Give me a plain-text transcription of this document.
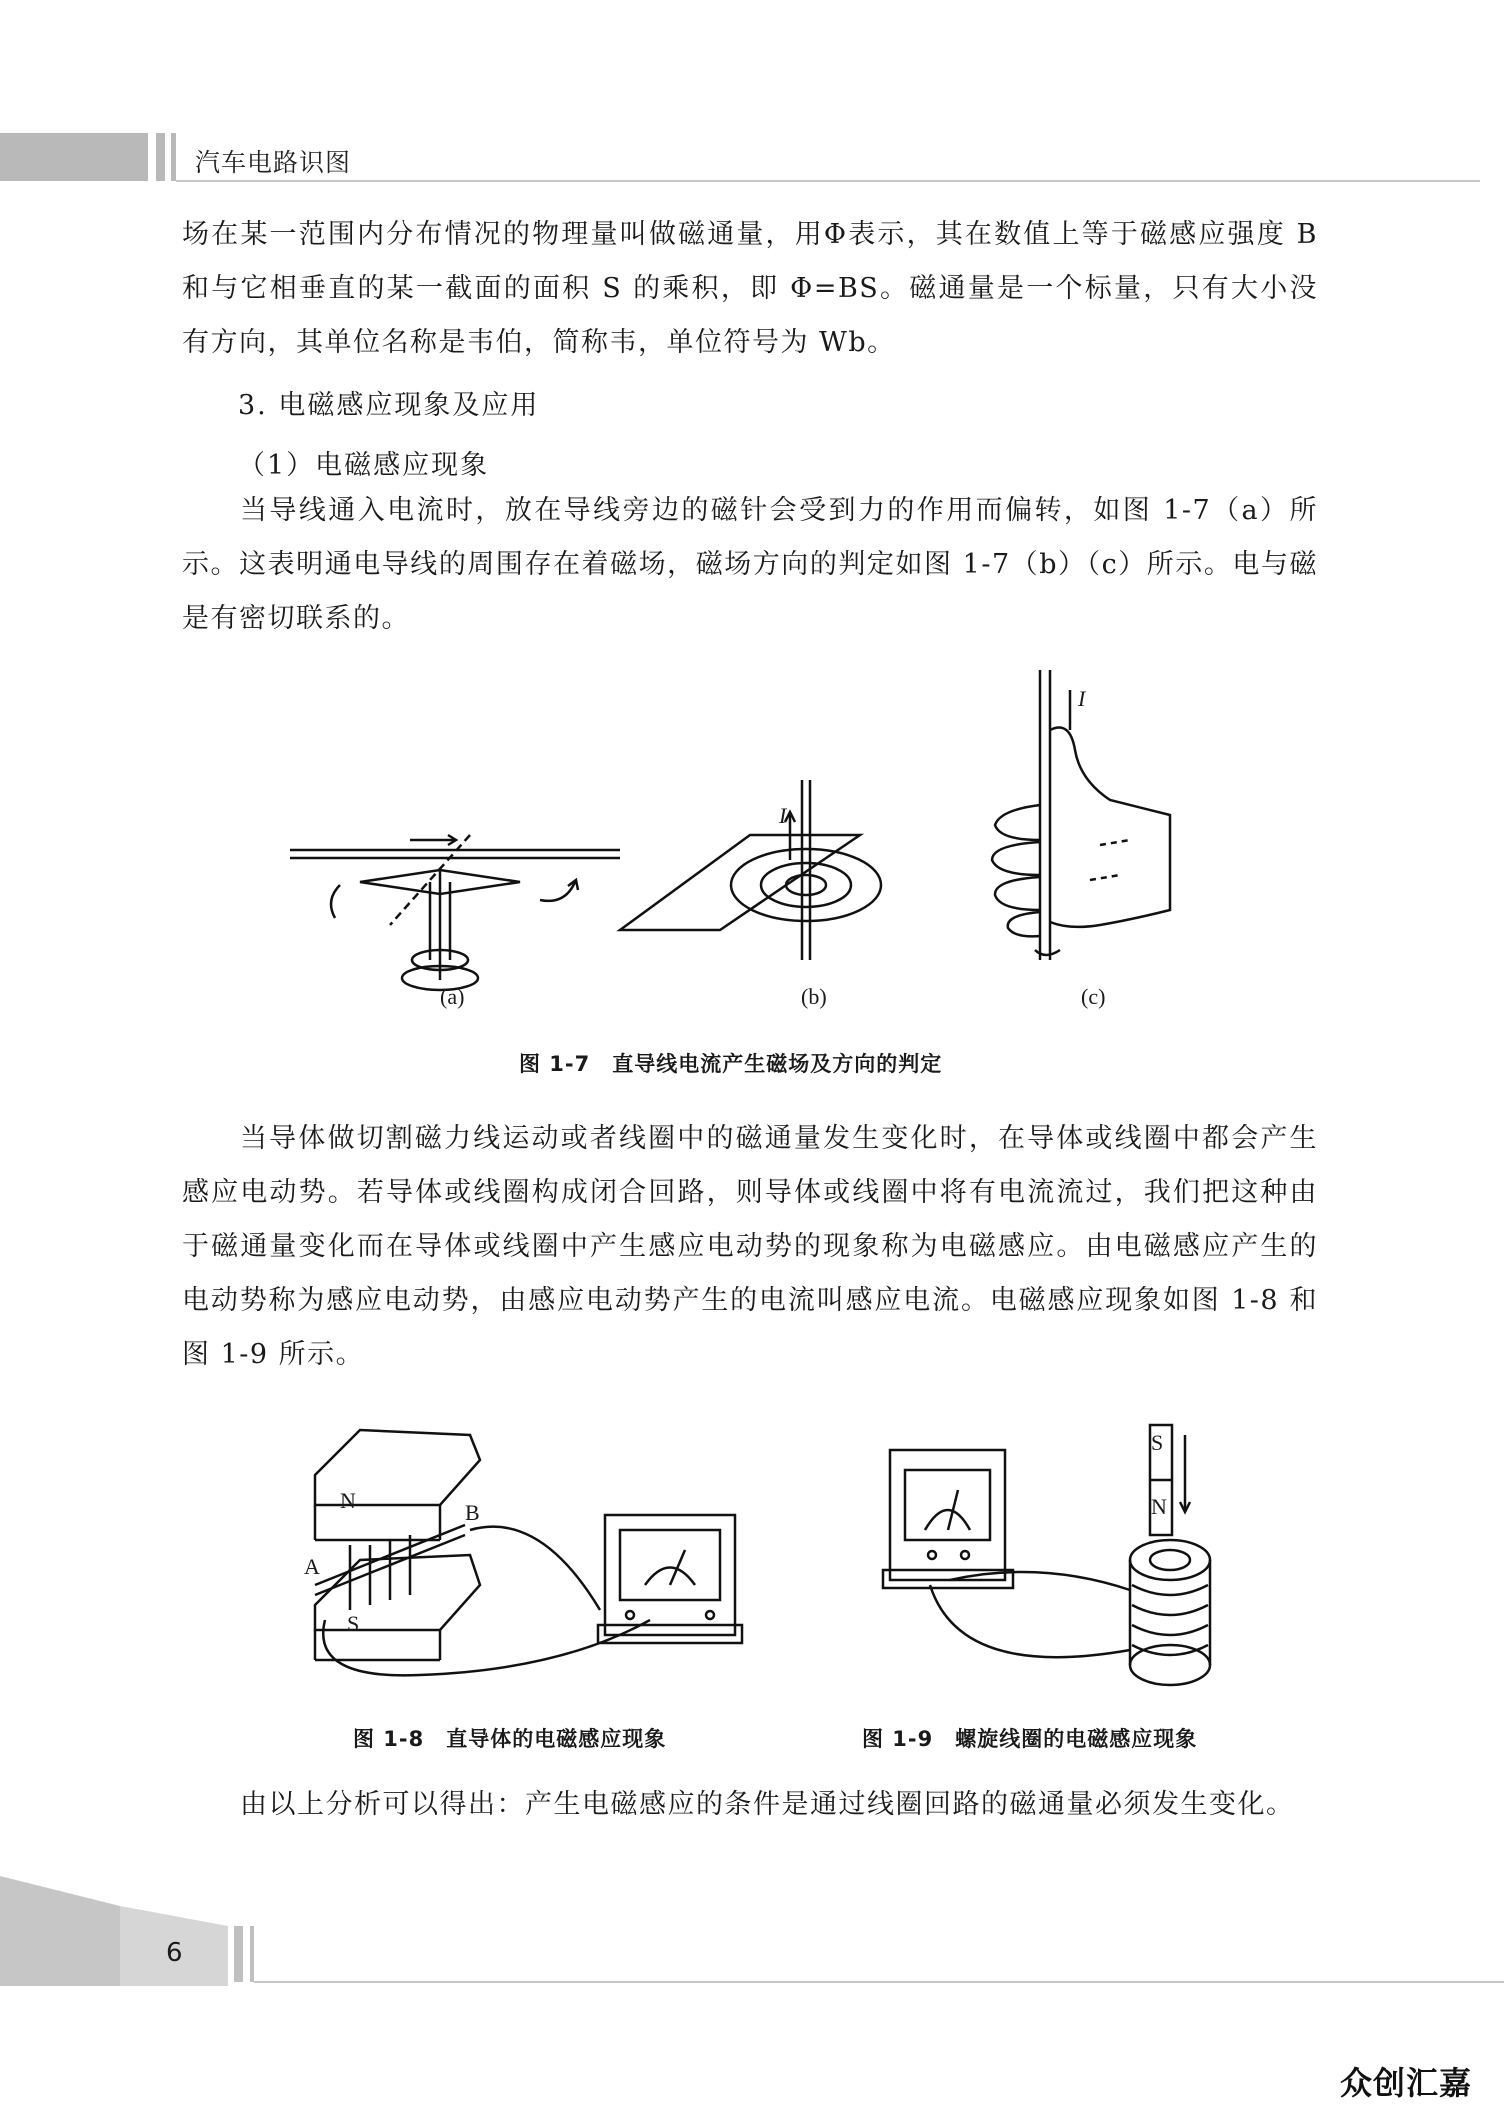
汽车电路识图
场在某一范围内分布情况的物理量叫做磁通量，用Φ表示，其在数值上等于磁感应强度 B 和与它相垂直的某一截面的面积 S 的乘积，即 Φ=BS。磁通量是一个标量，只有大小没有方向，其单位名称是韦伯，简称韦，单位符号为 Wb。
3. 电磁感应现象及应用
（1）电磁感应现象
当导线通入电流时，放在导线旁边的磁针会受到力的作用而偏转，如图 1-7（a）所示。这表明通电导线的周围存在着磁场，磁场方向的判定如图 1-7（b）（c）所示。电与磁是有密切联系的。
(a)	(b)	(c)
I
I
图 1-7　直导线电流产生磁场及方向的判定
当导体做切割磁力线运动或者线圈中的磁通量发生变化时，在导体或线圈中都会产生感应电动势。若导体或线圈构成闭合回路，则导体或线圈中将有电流流过，我们把这种由于磁通量变化而在导体或线圈中产生感应电动势的现象称为电磁感应。由电磁感应产生的电动势称为感应电动势，由感应电动势产生的电流叫感应电流。电磁感应现象如图 1-8 和图 1-9 所示。
N
S
A
B
图 1-8　直导体的电磁感应现象
S
N
图 1-9　螺旋线圈的电磁感应现象
由以上分析可以得出：产生电磁感应的条件是通过线圈回路的磁通量必须发生变化。
6
众创汇嘉
